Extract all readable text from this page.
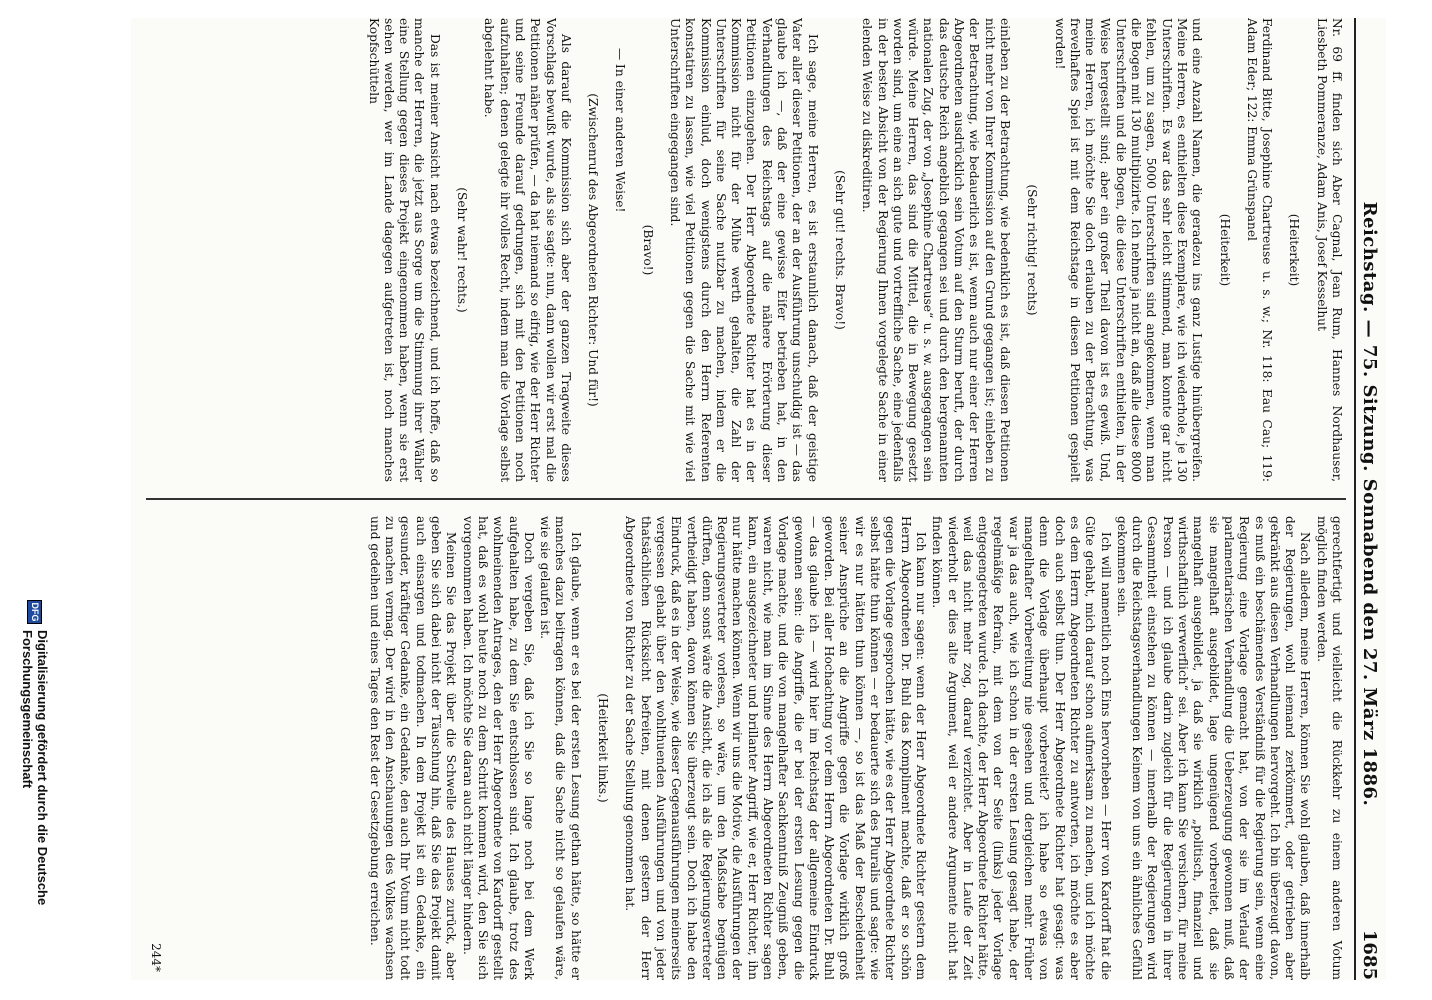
Reichstag. — 75. Sitzung. Sonnabend den 27. März 1886.
1685

Nr. 69 ff. finden sich Aber Cagnal, Jean Rum, Hannes Nordhauser, Liesbeth Pommeranze, Adam Anis, Josef Kesselhut

(Heiterkeit)

Ferdinand Bitte, Josephine Chartreuse u. s. w.; Nr. 118: Eau Cau; 119: Adam Eder; 122: Emma Grünspanel

(Heiterkeit)

und eine Anzahl Namen, die geradezu ins ganz Lustige hinübergreifen. Meine Herren, es enthielten diese Exemplare, wie ich wiederhole, je 130 Unterschriften. Es war das sehr leicht stimmend, man konnte gar nicht fehlen, um zu sagen, 5000 Unterschriften sind angekommen, wenn man die Bogen mit 130 multiplizirte. Ich nehme ja nicht an, daß alle diese 8000 Unterschriften und die Bogen, die diese Unterschriften enthielten, in der Weise hergestellt sind; aber ein großer Theil davon ist es gewiß. Und, meine Herren, ich möchte Sie doch erlauben zu der Betrachtung, was frevelhaftes Spiel ist mit dem Reichstage in diesen Petitionen gespielt worden!

(Sehr richtig! rechts)

einleben zu der Betrachtung, wie bedenklich es ist, daß diesen Petitionen nicht mehr von Ihrer Kommission auf den Grund gegangen ist; einleben zu der Betrachtung, wie bedauerlich es ist, wenn auch nur einer der Herren Abgeordneten ausdrücklich sein Votum auf den Sturm beruft, der durch das deutsche Reich angeblich gegangen sei und durch den hergenannten nationalen Zug, der von „Josephine Chartreuse“ u. s. w. ausgegangen sein würde. Meine Herren, das sind die Mittel, die in Bewegung gesetzt worden sind, um eine an sich gute und vortreffliche Sache, eine jedenfalls in der besten Absicht von der Regierung Ihnen vorgelegte Sache in einer elenden Weise zu diskreditiren.

(Sehr gut! rechts. Bravo!)

Ich sage, meine Herren, es ist erstaunlich danach, daß der geistige Vater aller dieser Petitionen, der an der Ausführung unschuldig ist — das glaube ich —, daß der eine gewisse Eifer betrieben hat, in den Verhandlungen des Reichstags auf die nähere Erörterung dieser Petitionen einzugehen. Der Herr Abgeordnete Richter hat es in der Kommission nicht für der Mühe werth gehalten, die Zahl der Unterschriften für seine Sache nutzbar zu machen, indem er die Kommission einlud, doch wenigstens durch den Herrn Referenten konstatiren zu lassen, wie viel Petitionen gegen die Sache mit wie viel Unterschriften eingegangen sind.

(Bravo!)

— In einer anderen Weise!

(Zwischenruf des Abgeordneten Richter: Und für!)

Als darauf die Kommission sich aber der ganzen Tragweite dieses Vorschlags bewußt wurde, als sie sagte: nun, dann wollen wir erst mal die Petitionen näher prüfen, — da hat niemand so eifrig, wie der Herr Richter und seine Freunde darauf gedrungen, sich mit den Petitionen noch aufzuhalten; denen gelegte ihr volles Recht, indem man die Vorlage selbst abgelehnt habe.

(Sehr wahr! rechts.)

Das ist meiner Ansicht nach etwas bezeichnend, und ich hoffe, daß so manche der Herren, die jetzt aus Sorge um die Stimmung ihrer Wähler eine Stellung gegen dieses Projekt eingenommen haben, wenn sie erst sehen werden, wer im Lande dagegen aufgetreten ist, noch manches Kopfschütteln

gerechtfertigt und vielleicht die Rückkehr zu einem anderen Votum möglich finden werden.

Nach alledem, meine Herren, können Sie wohl glauben, daß innerhalb der Regierungen, wohl niemand zerkömmert, oder getrieben aber gekränkt aus diesen Verhandlungen hervorgeht. Ich bin überzeugt davon, es muß ein beschämendes Verständniß für die Regierung sein, wenn eine Regierung eine Vorlage gemacht hat, von der sie im Verlauf der parlamentarischen Verhandlung die Ueberzeugung gewonnen muß, daß sie mangelhaft ausgebildet, lage ungenügend vorbereitet, daß sie mangelhaft ausgebildet, ja daß sie wirklich „politisch, finanziell und wirthschaftlich verwerflich“ sei. Aber ich kann Sie versichern, für meine Person — und ich glaube darin zugleich für die Regierungen in ihrer Gesammtheit einstehen zu können — innerhalb der Regierungen wird durch die Reichstagsverhandlungen Keinem von uns ein ähnliches Gefühl gekommen sein.

Ich will namentlich noch Eins hervorheben — Herr von Kardorff hat die Güte gehabt, mich darauf schon aufmerksam zu machen, und ich möchte es dem Herrn Abgeordneten Richter zu antworten, ich möchte es aber doch auch selbst thun. Der Herr Abgeordnete Richter hat gesagt: was denn die Vorlage überhaupt vorbereitet? ich habe so etwas von mangelhafter Vorbereitung nie gesehen und dergleichen mehr. Früher war ja das auch, wie ich schon in der ersten Lesung gesagt habe, der regelmäßige Refrain, mit dem von der Seite (links) jeder Vorlage entgegengetreten wurde. Ich dachte, der Herr Abgeordnete Richter hätte, weil das nicht mehr zog, darauf verzichtet. Aber in Laufe der Zeit wiederholt er dies alte Argument, weil er andere Argumente nicht hat finden können.

Ich kann nur sagen: wenn der Herr Abgeordnete Richter gestern dem Herrn Abgeordneten Dr. Buhl das Kompliment machte, daß er so schön gegen die Vorlage gesprochen hätte, wie es der Herr Abgeordnete Richter selbst hätte thun können — er bedauerte sich des Pluralis und sagte: wie wir es nur hätten thun können —, so ist das Maß der Bescheidenheit seiner Ansprüche an die Angriffe gegen die Vorlage wirklich groß geworden. Bei aller Hochachtung vor dem Herrn Abgeordneten Dr. Buhl — das glaube ich — wird hier im Reichstag der allgemeine Eindruck gewonnen sein: die Angriffe, die er bei der ersten Lesung gegen die Vorlage machte, und die von mangelhafter Sachkenntniß Zeugniß geben, waren nicht, wie man im Sinne des Herrn Abgeordneten Richter sagen kann, ein ausgezeichneter und brillanter Angriff, wie er, Herr Richter, ihn nur hätte machen können. Wenn wir uns die Motive, die Ausführungen der Regierungsvertreter vorlesen, so wäre, um den Maßstabe begnügen dürften, denn sonst wäre die Ansicht, die ich als die Regierungsvertreter vertheidigt haben, davon können Sie überzeugt sein. Doch ich habe den Eindruck, daß es in der Weise, wie dieser Gegenausführungen meinerseits vergessen gehabt über den wohlthuenden Ausführungen und von jeder thatsächlichen Rücksicht befreiten, mit denen gestern der Herr Abgeordnete von Richter zu der Sache Stellung genommen hat.

(Heiterkeit links.)

Ich glaube, wenn er es bei der ersten Lesung gethan hätte, so hätte er manches dazu beitragen können, daß die Sache nicht so gelaufen wäre, wie sie gelaufen ist.

Doch vergeben Sie, daß ich Sie so lange noch bei dem Werk aufgehalten habe, zu dem Sie entschlossen sind. Ich glaube, trotz des wohlmeinenden Antrages, den der Herr Abgeordnete von Kardorff gestellt hat, daß es wohl heute noch zu dem Schritt kommen wird, den Sie sich vorgenommen haben. Ich möchte Sie daran auch nicht länger hindern.

Meinen Sie das Projekt über die Schwelle des Hauses zurück, aber geben Sie sich dabei nicht der Täuschung hin, daß Sie das Projekt damit auch einsargen und todmachen. In dem Projekt ist ein Gedanke, ein gesunder, kräftiger Gedanke, ein Gedanke, den auch Ihr Votum nicht todt zu machen vermag. Der wird in den Anschauungen des Volkes wachsen und gedeihen und eines Tages den Rest der Gesetzgebung erreichen.

244*
DFG
Digitalisierung gefördert durch die Deutsche Forschungsgemeinschaft
